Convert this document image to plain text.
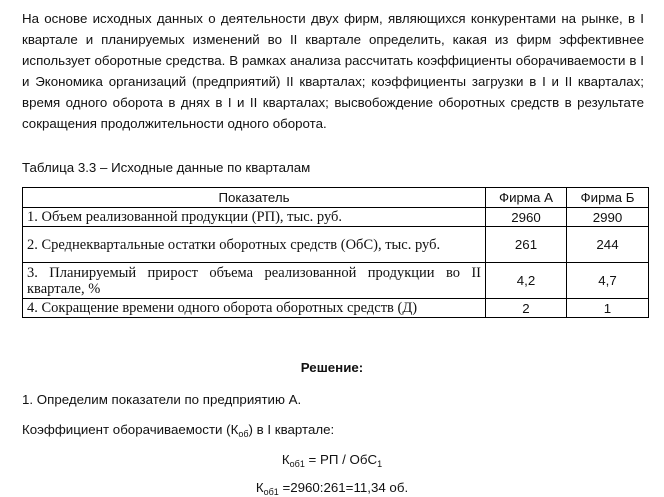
На основе исходных данных о деятельности двух фирм, являющихся конкурентами на рынке, в I квартале и планируемых изменений во II квартале определить, какая из фирм эффективнее использует оборотные средства. В рамках анализа рассчитать коэффициенты оборачиваемости в I и Экономика организаций (предприятий) II кварталах; коэффициенты загрузки в I и II кварталах; время одного оборота в днях в I и II кварталах; высвобождение оборотных средств в результате сокращения продолжительности одного оборота.
Таблица 3.3 – Исходные данные по кварталам
Показатель	Фирма А	Фирма Б
1. Объем реализованной продукции (РП), тыс. руб.	2960	2990
2. Среднеквартальные остатки оборотных средств (ОбС), тыс. руб.	261	244
3. Планируемый прирост объема реализованной продукции во II квартале, %	4,2	4,7
4. Сокращение времени одного оборота оборотных средств (Д)	2	1
Решение:
1. Определим показатели по предприятию А.
Коэффициент оборачиваемости $(К_{об})$ в I квартале:
$К_{об1}$ = РП / ОбС$_1$
$К_{об1}$ =2960:261=11,34 об.
